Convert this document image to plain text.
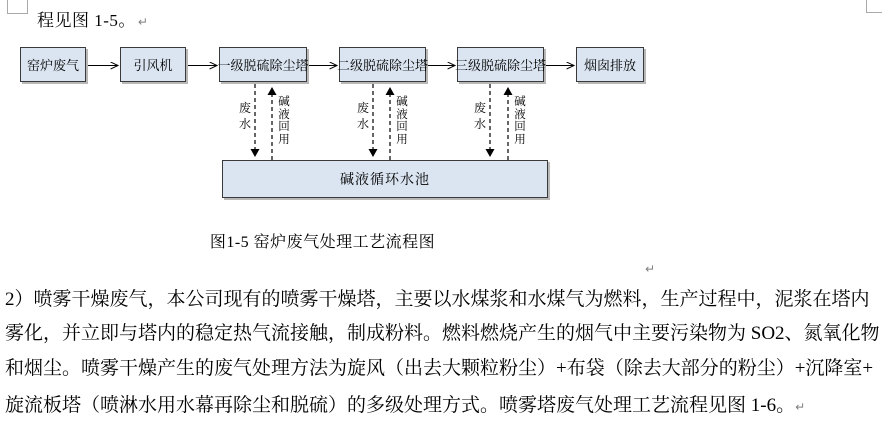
程见图 1-5。 ↵
窑炉废气	引风机	一级脱硫除尘塔 二级脱硫除尘塔 三级脱硫除尘塔	烟囱排放
废水
碱液回用
废水
碱液回用
废水
碱液回用
碱液循环水池
图1-5 窑炉废气处理工艺流程图
↵
2）喷雾干燥废气，本公司现有的喷雾干燥塔，主要以水煤浆和水煤气为燃料，生产过程中，泥浆在塔内
雾化，并立即与塔内的稳定热气流接触，制成粉料。燃料燃烧产生的烟气中主要污染物为 SO2、氮氧化物
和烟尘。喷雾干燥产生的废气处理方法为旋风（出去大颗粒粉尘）+布袋（除去大部分的粉尘）+沉降室+
旋流板塔（喷淋水用水幕再除尘和脱硫）的多级处理方式。喷雾塔废气处理工艺流程见图 1-6。↵
